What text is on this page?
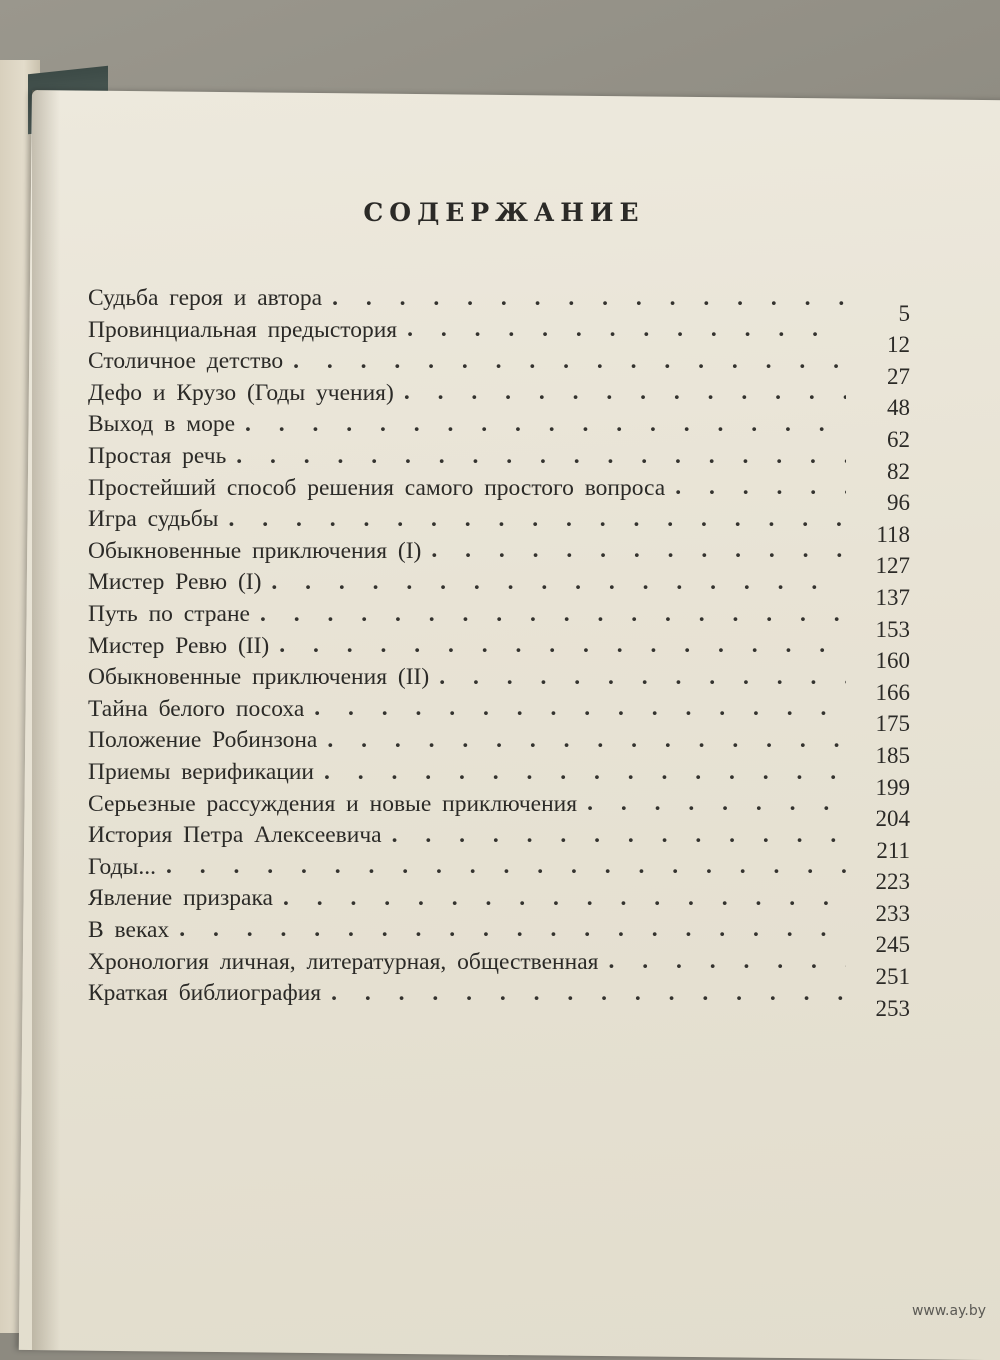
СОДЕРЖАНИЕ
Судьба героя и автора
. . .
5
Провинциальная предыстория
. . .
12
Столичное детство
. . .
27
Дефо и Крузо (Годы учения)
. . .
48
Выход в море
. . .
62
Простая речь
. . .
82
Простейший способ решения самого простого вопроса
. . .
96
Игра судьбы
. . .
118
Обыкновенные приключения (I)
. . .
127
Мистер Ревю (I)
. . .
137
Путь по стране
. . .
153
Мистер Ревю (II)
. . .
160
Обыкновенные приключения (II)
. . .
166
Тайна белого посоха
. . .
175
Положение Робинзона
. . .
185
Приемы верификации
. . .
199
Серьезные рассуждения и новые приключения
. . .
204
История Петра Алексеевича
. . .
211
Годы...
. . .
223
Явление призрака
. . .
233
В веках
. . .
245
Хронология личная, литературная, общественная
. . .
251
Краткая библиография
. . .
253
www.ay.by
